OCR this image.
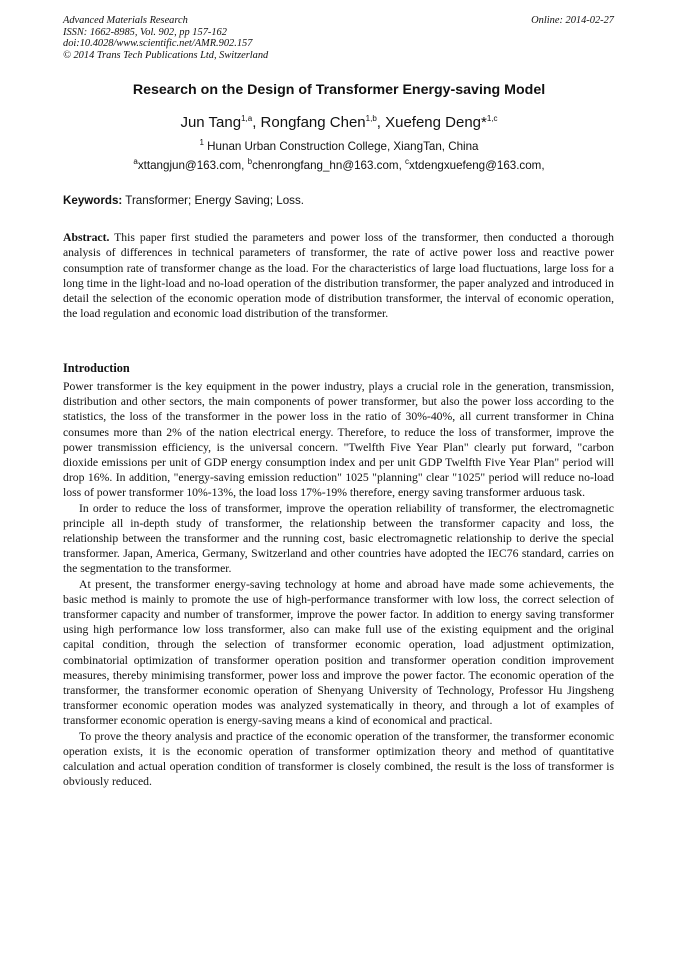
Advanced Materials Research
ISSN: 1662-8985, Vol. 902, pp 157-162
doi:10.4028/www.scientific.net/AMR.902.157
© 2014 Trans Tech Publications Ltd, Switzerland
Online: 2014-02-27
Research on the Design of Transformer Energy-saving Model
Jun Tang$^{1,a}$, Rongfang Chen$^{1,b}$, Xuefeng Deng*$^{1,c}$
$^1$ Hunan Urban Construction College, XiangTan, China
$^a$xttangjun@163.com, $^b$chenrongfang_hn@163.com, $^c$xtdengxuefeng@163.com,
Keywords: Transformer; Energy Saving; Loss.
Abstract. This paper first studied the parameters and power loss of the transformer, then conducted a thorough analysis of differences in technical parameters of transformer, the rate of active power loss and reactive power consumption rate of transformer change as the load. For the characteristics of large load fluctuations, large loss for a long time in the light-load and no-load operation of the distribution transformer, the paper analyzed and introduced in detail the selection of the economic operation mode of distribution transformer, the interval of economic operation, the load regulation and economic load distribution of the transformer.
Introduction

Power transformer is the key equipment in the power industry, plays a crucial role in the generation, transmission, distribution and other sectors, the main components of power transformer, but also the power loss according to the statistics, the loss of the transformer in the power loss in the ratio of 30%-40%, all current transformer in China consumes more than 2% of the nation electrical energy. Therefore, to reduce the loss of transformer, improve the power transmission efficiency, is the universal concern. "Twelfth Five Year Plan" clearly put forward, "carbon dioxide emissions per unit of GDP energy consumption index and per unit GDP Twelfth Five Year Plan" period will drop 16%. In addition, "energy-saving emission reduction" 1025 "planning" clear "1025" period will reduce no-load loss of power transformer 10%-13%, the load loss 17%-19% therefore, energy saving transformer arduous task.

In order to reduce the loss of transformer, improve the operation reliability of transformer, the electromagnetic principle all in-depth study of transformer, the relationship between the transformer capacity and loss, the relationship between the transformer and the running cost, basic electromagnetic relationship to derive the special transformer. Japan, America, Germany, Switzerland and other countries have adopted the IEC76 standard, carries on the segmentation to the transformer.

At present, the transformer energy-saving technology at home and abroad have made some achievements, the basic method is mainly to promote the use of high-performance transformer with low loss, the correct selection of transformer capacity and number of transformer, improve the power factor. In addition to energy saving transformer using high performance low loss transformer, also can make full use of the existing equipment and the original capital condition, through the selection of transformer economic operation, load adjustment optimization, combinatorial optimization of transformer operation position and transformer operation condition improvement measures, thereby minimising transformer, power loss and improve the power factor. The economic operation of the transformer, the transformer economic operation of Shenyang University of Technology, Professor Hu Jingsheng transformer economic operation modes was analyzed systematically in theory, and through a lot of examples of transformer economic operation is energy-saving means a kind of economical and practical.

To prove the theory analysis and practice of the economic operation of the transformer, the transformer economic operation exists, it is the economic operation of transformer optimization theory and method of quantitative calculation and actual operation condition of transformer is closely combined, the result is the loss of transformer is obviously reduced.
